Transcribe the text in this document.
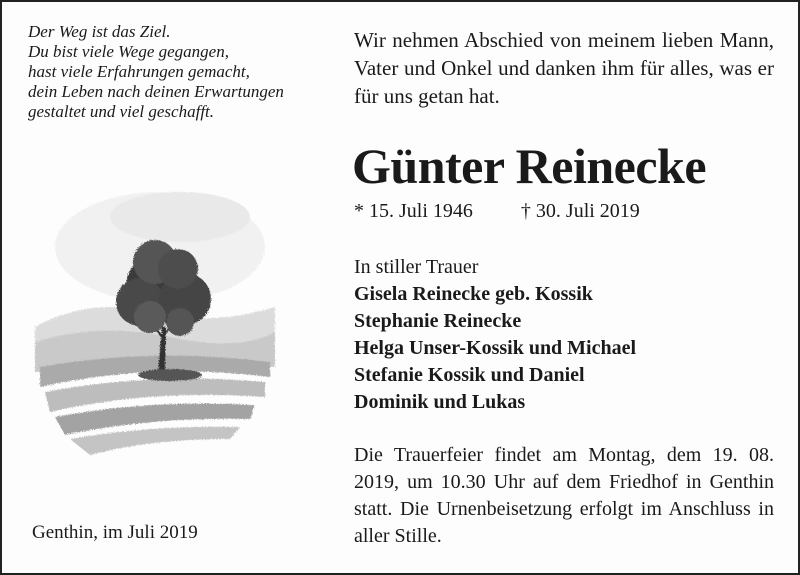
Der Weg ist das Ziel.
Du bist viele Wege gegangen,
hast viele Erfahrungen gemacht,
dein Leben nach deinen Erwartungen
gestaltet und viel geschafft.
Genthin, im Juli 2019
Wir nehmen Abschied von meinem lieben Mann, Vater und Onkel und danken ihm für alles, was er für uns getan hat.
Günter Reinecke
* 15. Juli 1946 † 30. Juli 2019
In stiller Trauer
Gisela Reinecke geb. Kossik
Stephanie Reinecke
Helga Unser-Kossik und Michael
Stefanie Kossik und Daniel
Dominik und Lukas
Die Trauerfeier findet am Montag, dem 19. 08. 2019, um 10.30 Uhr auf dem Friedhof in Genthin statt. Die Urnenbeisetzung erfolgt im Anschluss in aller Stille.
